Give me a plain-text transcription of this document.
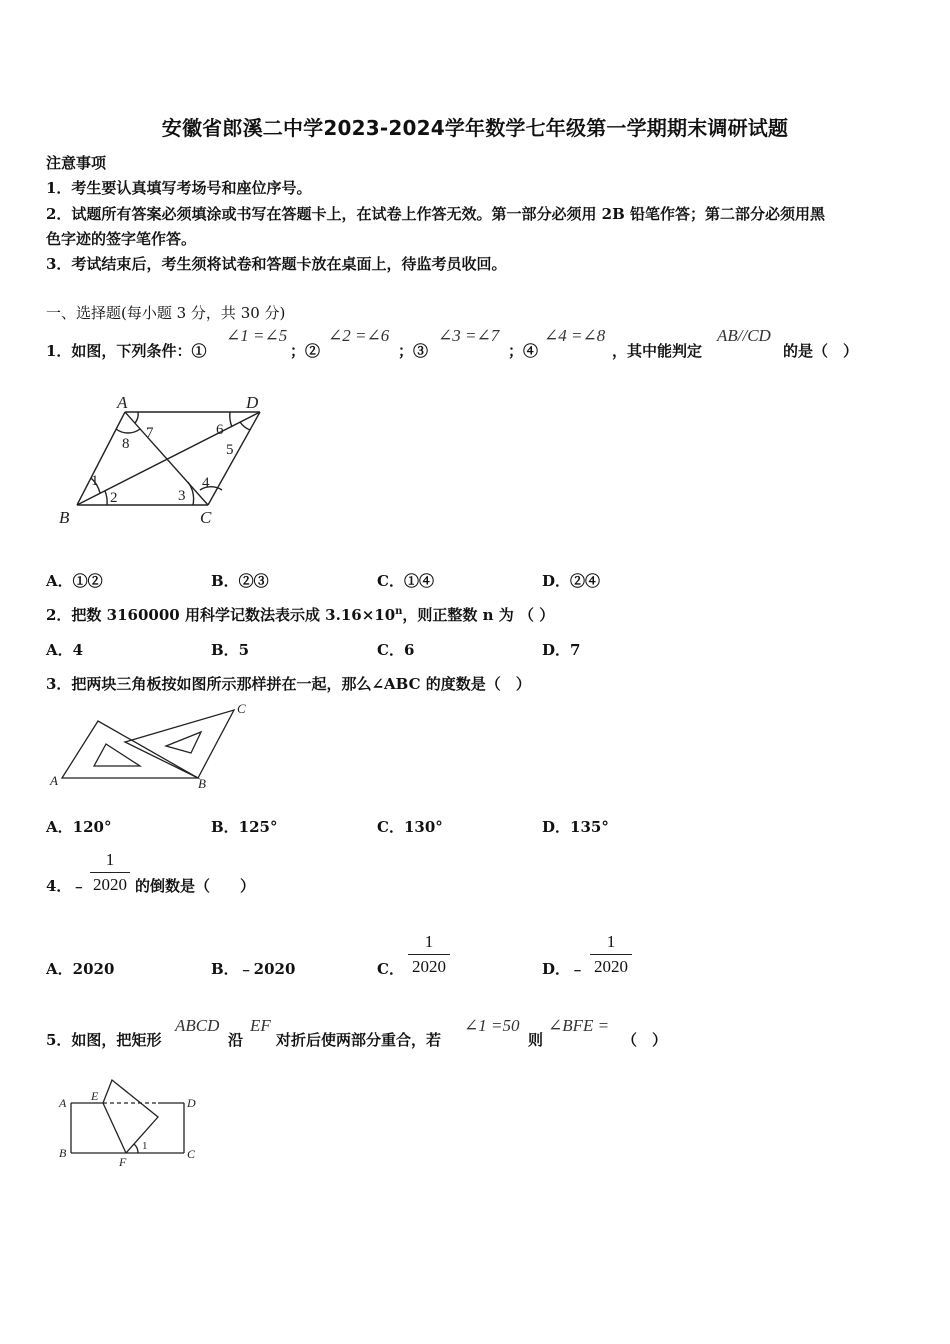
安徽省郎溪二中学2023-2024学年数学七年级第一学期期末调研试题
注意事项
1．考生要认真填写考场号和座位序号。
2．试题所有答案必须填涂或书写在答题卡上，在试卷上作答无效。第一部分必须用 2B 铅笔作答；第二部分必须用黑
色字迹的签字笔作答。
3．考试结束后，考生须将试卷和答题卡放在桌面上，待监考员收回。
一、选择题(每小题 3 分，共 30 分)
1．如图，下列条件：①
∠1 =∠5
；②
∠2 =∠6
；③
∠3 =∠7
；④
∠4 =∠8
，其中能判定
AB//CD
的是（　）
A	D
B	C
1
2	3
4
5
6
7
8
A．①②	B．②③	C．①④	D．②④
2．把数 3160000 用科学记数法表示成 $3.16\times 10^n$，则正整数 n 为 （ ）
A．4	B．5	C．6	D．7
3．把两块三角板按如图所示那样拼在一起，那么∠ABC 的度数是（　）
A	B
C
A．120°	B．125°	C．130°	D．135°
4．﹣ $\frac{1}{2020}$ 的倒数是（　　）
A．2020	B．﹣2020	C． $\frac{1}{2020}$	D．﹣ $\frac{1}{2020}$
5．如图，把矩形
ABCD
沿
EF
对折后使两部分重合，若
∠1 =50
则
∠BFE =
（　）
A E	D
B
F
C
1
